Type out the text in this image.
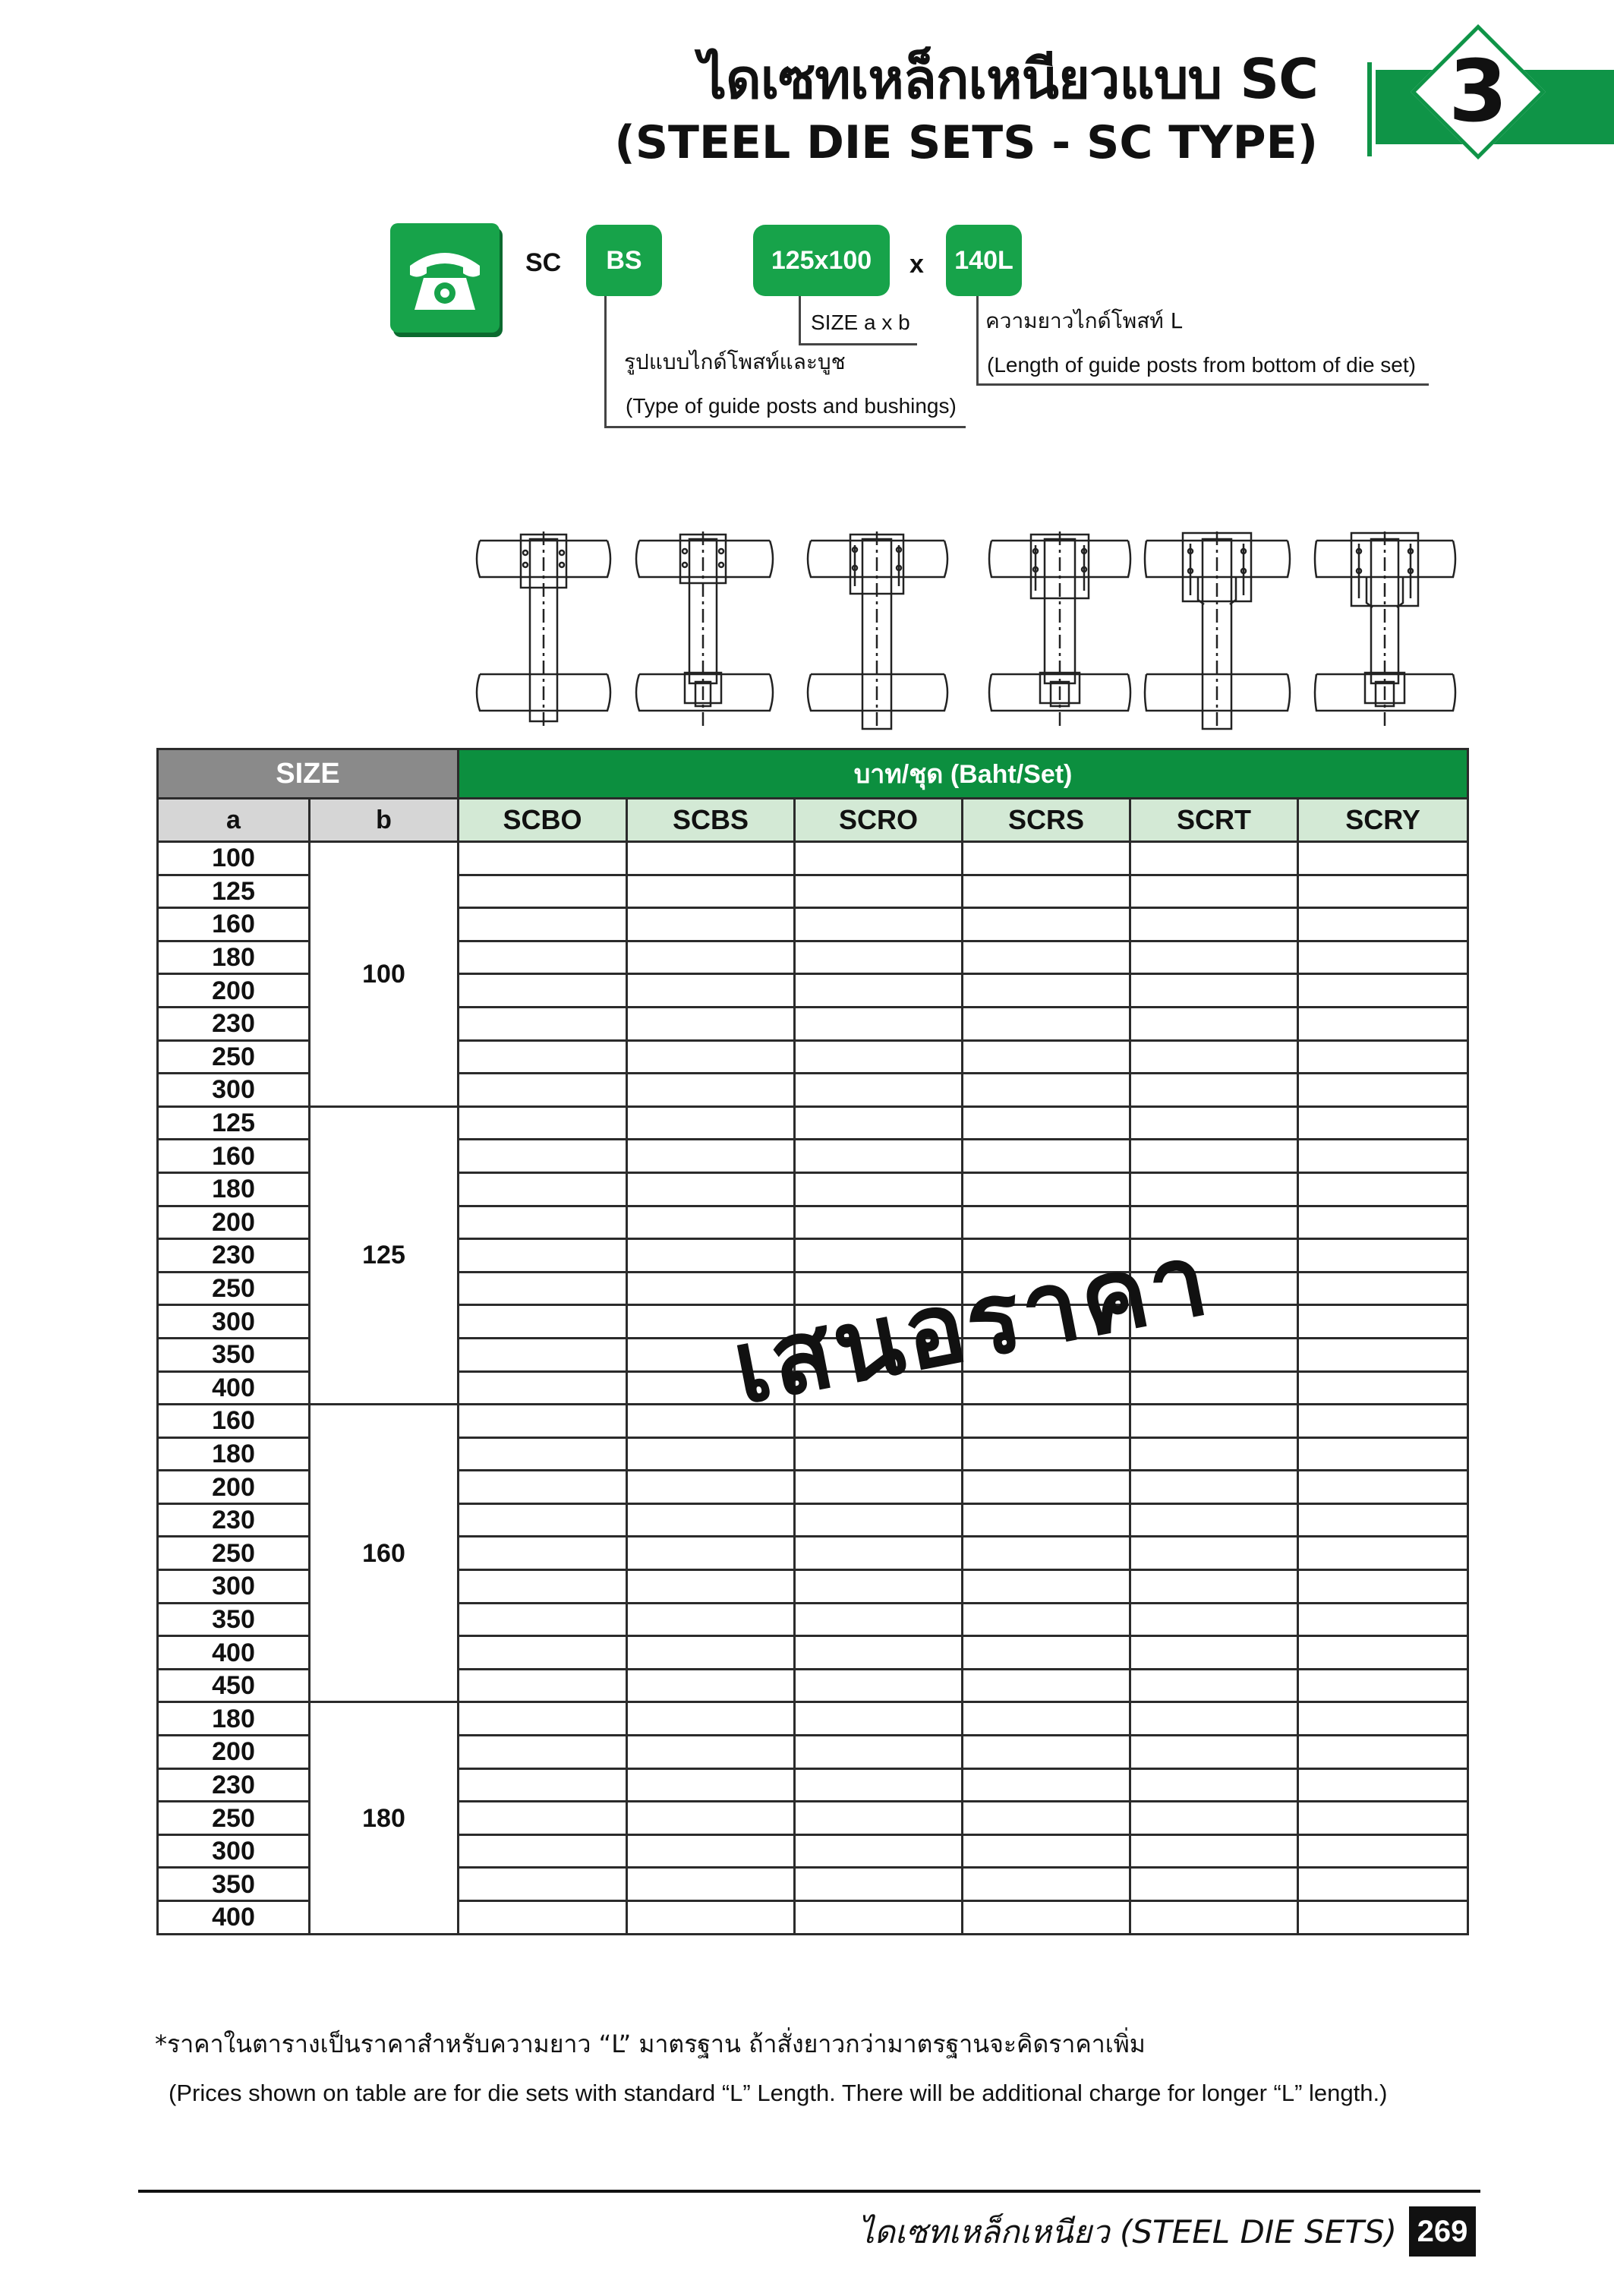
ไดเซทเหล็กเหนียวแบบ SC
(STEEL DIE SETS - SC TYPE)
3
SC	BS	125x100	x	140L
SIZE a x b	ความยาวไกด์โพสท์ L
(Length of guide posts from bottom of die set)
รูปแบบไกด์โพสท์และบูช
(Type of guide posts and bushings)
SIZE		บาท/ชุด (Baht/Set)					
a	b	SCBO	SCBS	SCRO	SCRS	SCRT	SCRY
100	100						
125							
160							
180							
200							
230							
250							
300							
125	125						
160							
180							
200							
230							
250							
300							
350							
400							
160	160						
180							
200							
230							
250							
300							
350							
400							
450							
180	180						
200							
230							
250							
300							
350							
400							
เสนอราคา
*ราคาในตารางเป็นราคาสำหรับความยาว “L” มาตรฐาน ถ้าสั่งยาวกว่ามาตรฐานจะคิดราคาเพิ่ม
(Prices shown on table are for die sets with standard “L” Length. There will be additional charge for longer “L” length.)
ไดเซทเหล็กเหนียว (STEEL DIE SETS) 269
